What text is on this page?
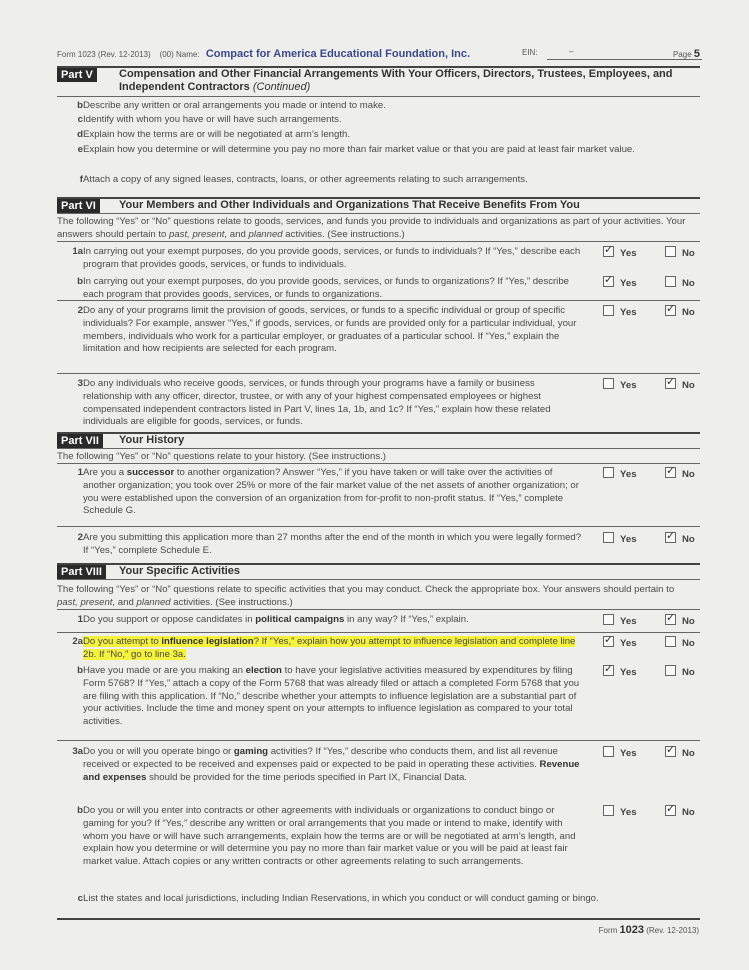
Form 1023 (Rev. 12-2013) (00) Name: Compact for America Educational Foundation, Inc.	EIN:	–	Page 5
Part V	Compensation and Other Financial Arrangements With Your Officers, Directors, Trustees, Employees, and Independent Contractors (Continued)
Part VI	Your Members and Other Individuals and Organizations That Receive Benefits From You
Part VII	Your History
Part VIII	Your Specific Activities
The following “Yes” or “No” questions relate to goods, services, and funds you provide to individuals and organizations as part of your activities. Your answers should pertain to past, present, and planned activities. (See instructions.)
The following “Yes” or “No” questions relate to your history. (See instructions.)
The following “Yes” or “No” questions relate to specific activities that you may conduct. Check the appropriate box. Your answers should pertain to past, present, and planned activities. (See instructions.)
b Describe any written or oral arrangements you made or intend to make.
c Identify with whom you have or will have such arrangements.
d Explain how the terms are or will be negotiated at arm’s length.
e Explain how you determine or will determine you pay no more than fair market value or that you are paid at least fair market value.
f Attach a copy of any signed leases, contracts, loans, or other agreements relating to such arrangements.
1a In carrying out your exempt purposes, do you provide goods, services, or funds to individuals? If “Yes,” describe each program that provides goods, services, or funds to individuals.
✓ Yes	No
b In carrying out your exempt purposes, do you provide goods, services, or funds to organizations? If “Yes,” describe each program that provides goods, services, or funds to organizations.
✓ Yes	No
2 Do any of your programs limit the provision of goods, services, or funds to a specific individual or group of specific individuals? For example, answer “Yes,” if goods, services, or funds are provided only for a particular individual, your members, individuals who work for a particular employer, or graduates of a particular school. If “Yes,” explain the limitation and how recipients are selected for each program.
Yes	✓ No
3 Do any individuals who receive goods, services, or funds through your programs have a family or business relationship with any officer, director, trustee, or with any of your highest compensated employees or highest compensated independent contractors listed in Part V, lines 1a, 1b, and 1c? If “Yes,” explain how these related individuals are eligible for goods, services, or funds.
Yes	✓ No
1 Are you a successor to another organization? Answer “Yes,” if you have taken or will take over the activities of another organization; you took over 25% or more of the fair market value of the net assets of another organization; or you were established upon the conversion of an organization from for-profit to non-profit status. If “Yes,” complete Schedule G.
Yes	✓ No
2 Are you submitting this application more than 27 months after the end of the month in which you were legally formed? If “Yes,” complete Schedule E.
Yes	✓ No
1 Do you support or oppose candidates in political campaigns in any way? If “Yes,” explain.	Yes	✓ No
2a Do you attempt to influence legislation? If “Yes,” explain how you attempt to influence legislation and complete line 2b. If “No,” go to line 3a.
✓ Yes	No
b Have you made or are you making an election to have your legislative activities measured by expenditures by filing Form 5768? If “Yes,” attach a copy of the Form 5768 that was already filed or attach a completed Form 5768 that you are filing with this application. If “No,” describe whether your attempts to influence legislation are a substantial part of your activities. Include the time and money spent on your attempts to influence legislation as compared to your total activities.
✓ Yes	No
3a Do you or will you operate bingo or gaming activities? If “Yes,” describe who conducts them, and list all revenue received or expected to be received and expenses paid or expected to be paid in operating these activities. Revenue and expenses should be provided for the time periods specified in Part IX, Financial Data.
Yes	✓ No
b Do you or will you enter into contracts or other agreements with individuals or organizations to conduct bingo or gaming for you? If “Yes,” describe any written or oral arrangements that you made or intend to make, identify with whom you have or will have such arrangements, explain how the terms are or will be negotiated at arm’s length, and explain how you determine or will determine you pay no more than fair market value or you will be paid at least fair market value. Attach copies or any written contracts or other agreements relating to such arrangements.
Yes	✓ No
c List the states and local jurisdictions, including Indian Reservations, in which you conduct or will conduct gaming or bingo.
Form 1023 (Rev. 12-2013)
